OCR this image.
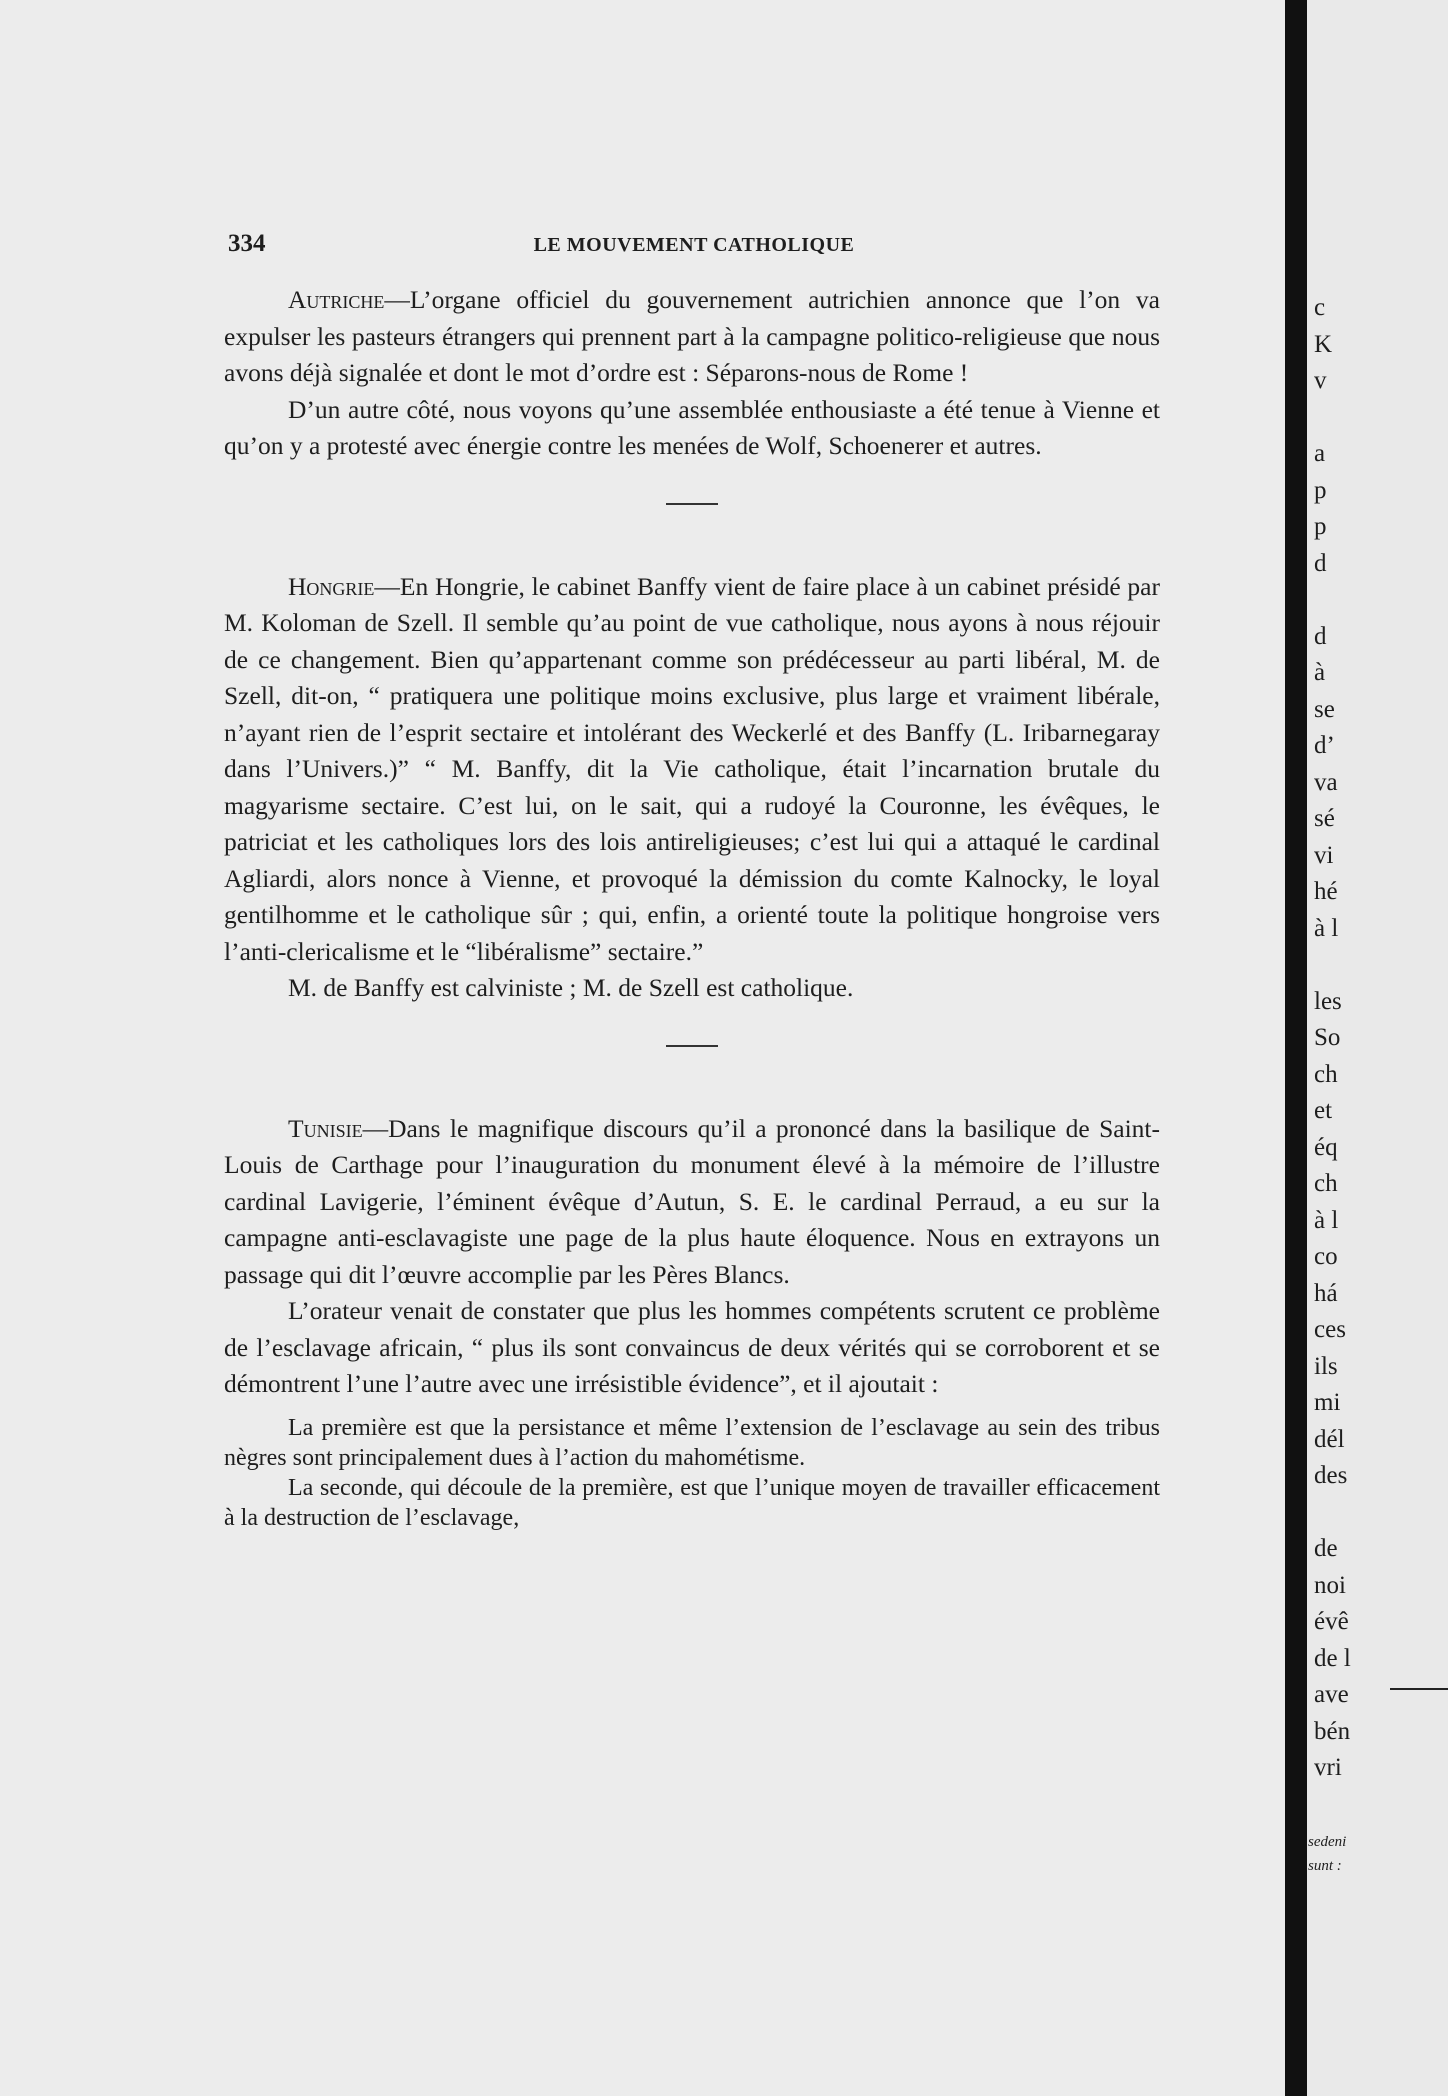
334	LE MOUVEMENT CATHOLIQUE

Autriche—L’organe officiel du gouvernement autrichien annonce que l’on va expulser les pasteurs étrangers qui prennent part à la campagne politico-religieuse que nous avons déjà signalée et dont le mot d’ordre est : Séparons-nous de Rome !

D’un autre côté, nous voyons qu’une assemblée enthousiaste a été tenue à Vienne et qu’on y a protesté avec énergie contre les menées de Wolf, Schoenerer et autres.

Hongrie—En Hongrie, le cabinet Banffy vient de faire place à un cabinet présidé par M. Koloman de Szell. Il semble qu’au point de vue catholique, nous ayons à nous réjouir de ce changement. Bien qu’appartenant comme son prédécesseur au parti libéral, M. de Szell, dit-on, “ pratiquera une politique moins exclusive, plus large et vraiment libérale, n’ayant rien de l’esprit sectaire et intolérant des Weckerlé et des Banffy (L. Iribarnegaray dans l’Univers.)” “ M. Banffy, dit la Vie catholique, était l’incarnation brutale du magyarisme sectaire. C’est lui, on le sait, qui a rudoyé la Couronne, les évêques, le patriciat et les catholiques lors des lois antireligieuses; c’est lui qui a attaqué le cardinal Agliardi, alors nonce à Vienne, et provoqué la démission du comte Kalnocky, le loyal gentilhomme et le catholique sûr ; qui, enfin, a orienté toute la politique hongroise vers l’anti-clericalisme et le “libéralisme” sectaire.”

M. de Banffy est calviniste ; M. de Szell est catholique.

Tunisie—Dans le magnifique discours qu’il a prononcé dans la basilique de Saint-Louis de Carthage pour l’inauguration du monument élevé à la mémoire de l’illustre cardinal Lavigerie, l’éminent évêque d’Autun, S. E. le cardinal Perraud, a eu sur la campagne anti-esclavagiste une page de la plus haute éloquence. Nous en extrayons un passage qui dit l’œuvre accomplie par les Pères Blancs.

L’orateur venait de constater que plus les hommes compétents scrutent ce problème de l’esclavage africain, “ plus ils sont convaincus de deux vérités qui se corroborent et se démontrent l’une l’autre avec une irrésistible évidence”, et il ajoutait :

La première est que la persistance et même l’extension de l’esclavage au sein des tribus nègres sont principalement dues à l’action du mahométisme.

La seconde, qui découle de la première, est que l’unique moyen de travailler efficacement à la destruction de l’esclavage,

c
K
v

a
p
p
d

d
à
se
d’
va
sé
vi
hé
à l

les
So
ch
et
éq
ch
à l
co
há
ces
ils
mi
dél
des

de
noi
évê
de l
ave
bén
vri
sedeni
sunt :
